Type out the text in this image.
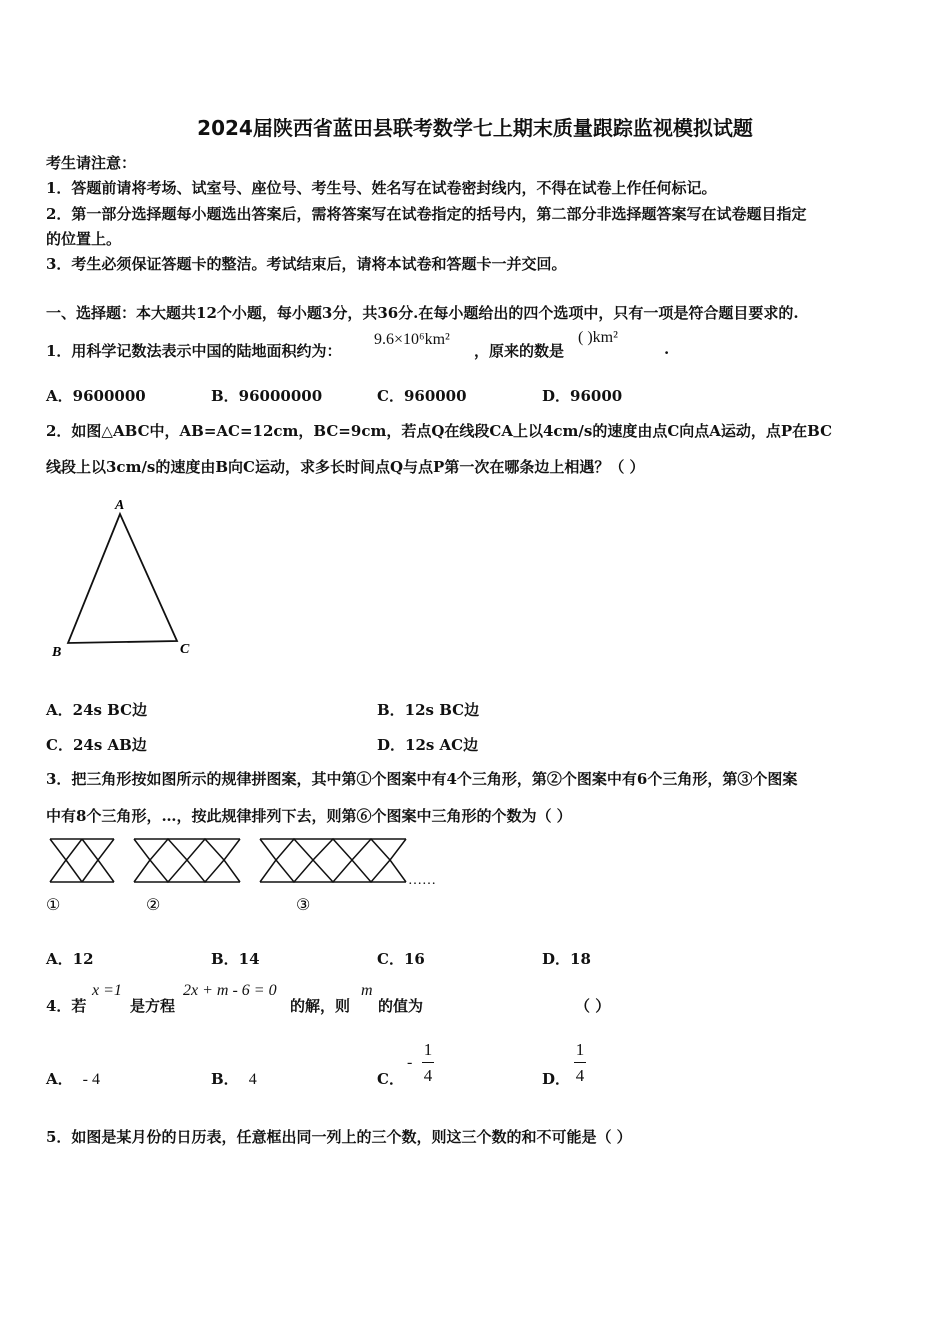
2024届陕西省蓝田县联考数学七上期末质量跟踪监视模拟试题
考生请注意：
1．答题前请将考场、试室号、座位号、考生号、姓名写在试卷密封线内，不得在试卷上作任何标记。
2．第一部分选择题每小题选出答案后，需将答案写在试卷指定的括号内，第二部分非选择题答案写在试卷题目指定
的位置上。
3．考生必须保证答题卡的整洁。考试结束后，请将本试卷和答题卡一并交回。
一、选择题：本大题共12个小题，每小题3分，共36分.在每小题给出的四个选项中，只有一项是符合题目要求的.
1．用科学记数法表示中国的陆地面积约为：
9.6×10⁶km²
，原来的数是
( )km²
.
A．9600000	B．96000000	C．960000	D．96000
2．如图△ABC中，AB=AC=12cm，BC=9cm，若点Q在线段CA上以4cm/s的速度由点C向点A运动，点P在BC
线段上以3cm/s的速度由B向C运动，求多长时间点Q与点P第一次在哪条边上相遇？（ ）
A
B	C
A．24s BC边	B．12s BC边
C．24s AB边	D．12s AC边
3．把三角形按如图所示的规律拼图案，其中第①个图案中有4个三角形，第②个图案中有6个三角形，第③个图案
中有8个三角形，…，按此规律排列下去，则第⑥个图案中三角形的个数为（ ）
……
①	②	③
A．12	B．14	C．16	D．18
4．若
x =1
是方程
2x + m - 6 = 0
的解，则
m
的值为	（ ）
A． - 4	B． 4	C．
-
1
4	D．
1
4
5．如图是某月份的日历表，任意框出同一列上的三个数，则这三个数的和不可能是（ ）
